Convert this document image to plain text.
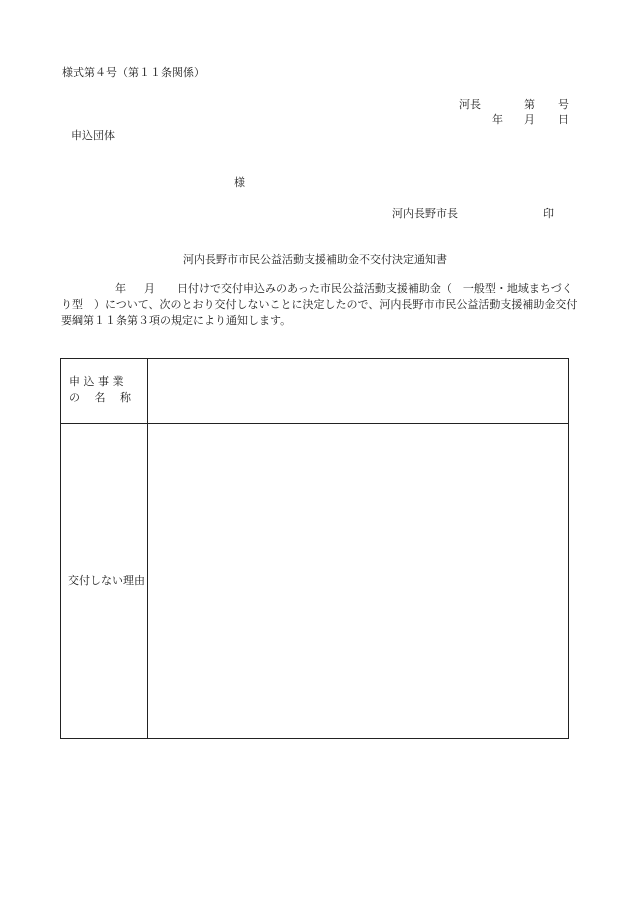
様式第４号（第１１条関係）
河長	第 号
年 月 日
申込団体
様
河内長野市長	印
河内長野市市民公益活動支援補助金不交付決定通知書
年 月 日付けで交付申込みのあった市民公益活動支援補助金（　一般型・地域まちづく
り型　）について、次のとおり交付しないことに決定したので、河内長野市市民公益活動支援補助金交付
要綱第１１条第３項の規定により通知します。
申 込 事 業
の　 名　 称
交付しない理由
